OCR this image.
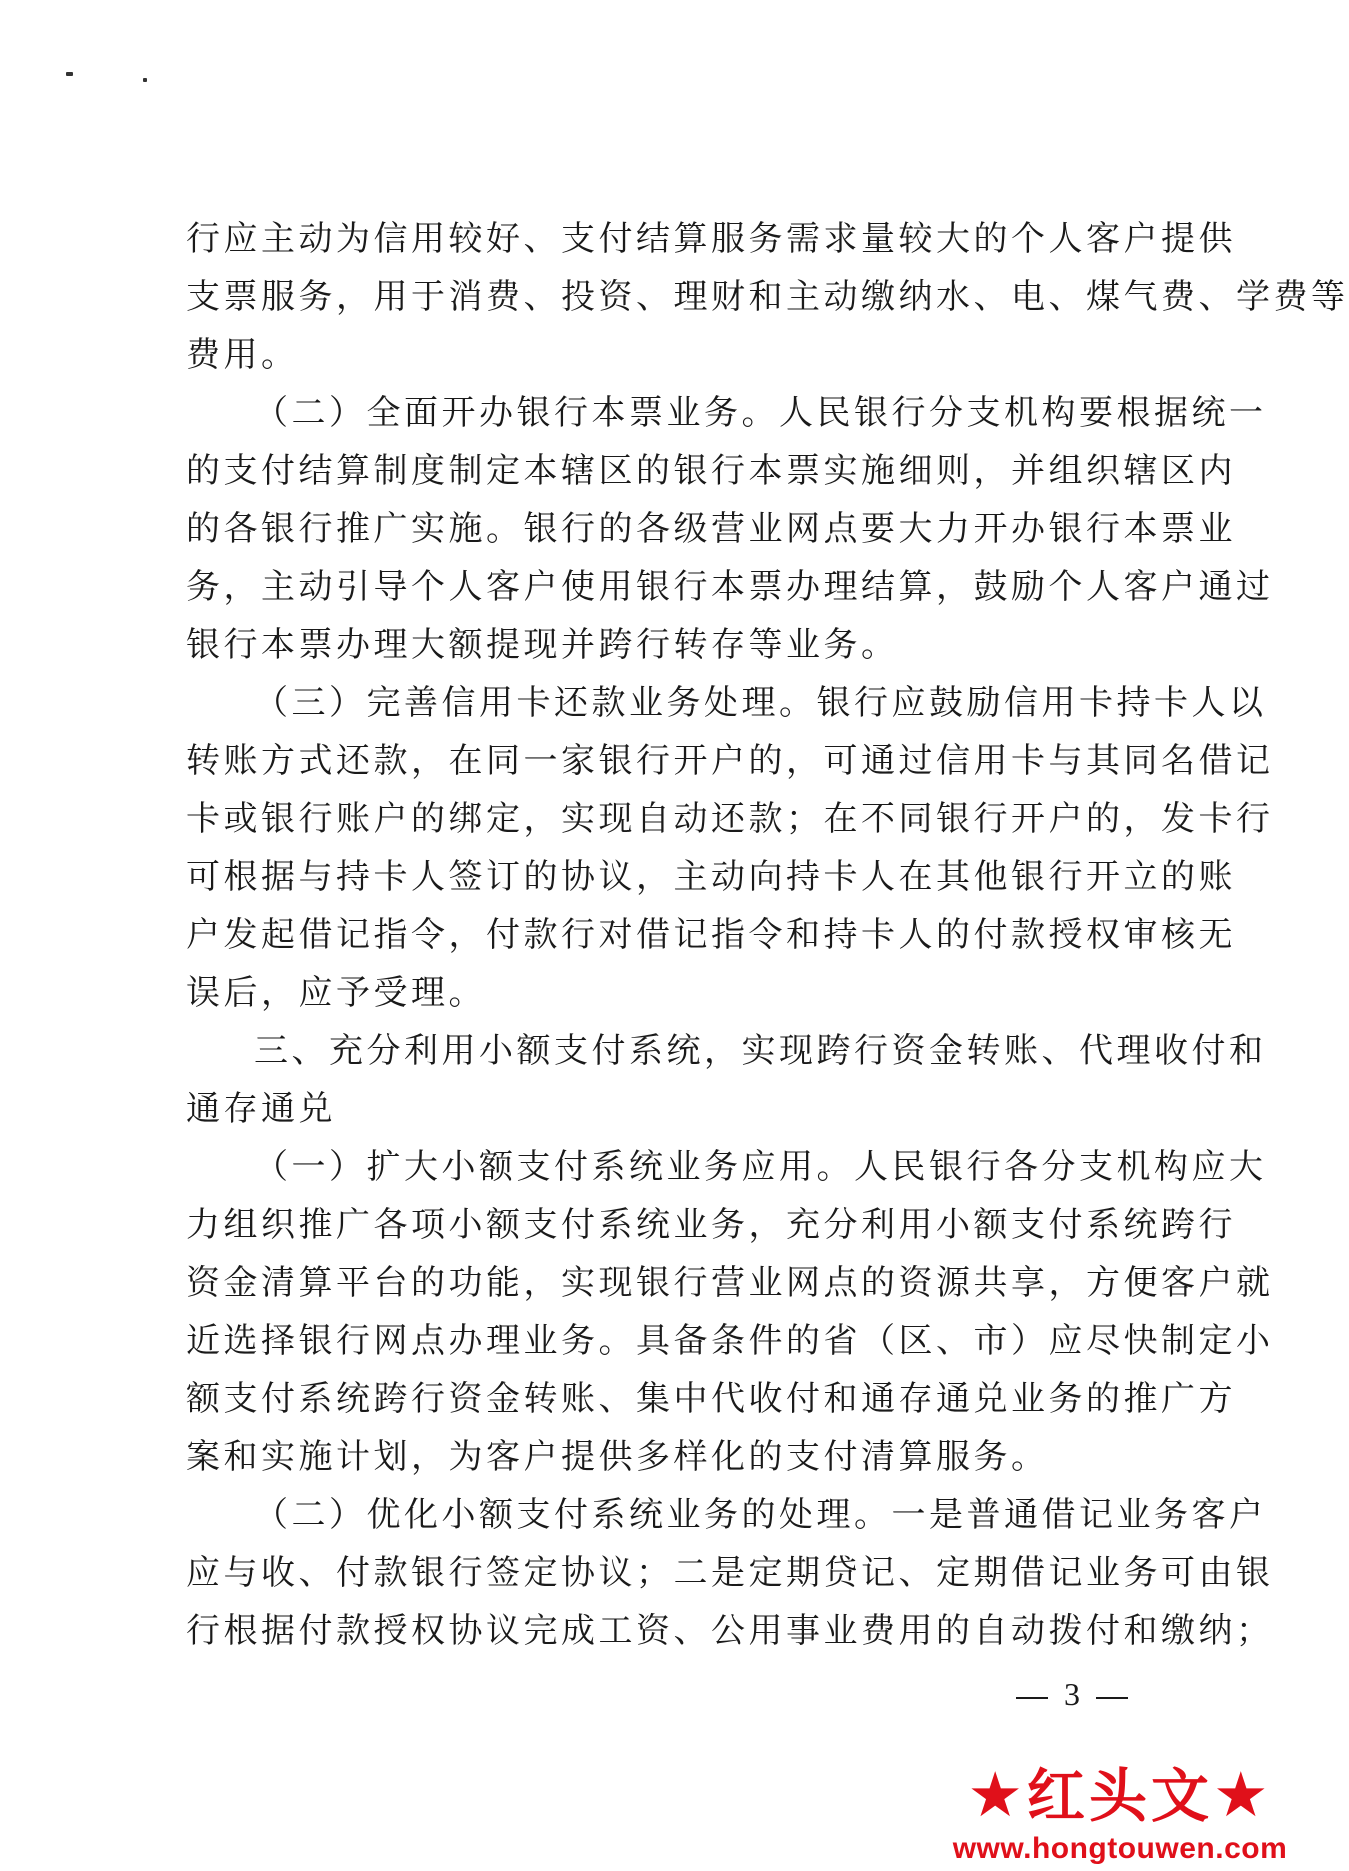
行应主动为信用较好、支付结算服务需求量较大的个人客户提供
支票服务，用于消费、投资、理财和主动缴纳水、电、煤气费、学费等
费用。
（二）全面开办银行本票业务。人民银行分支机构要根据统一
的支付结算制度制定本辖区的银行本票实施细则，并组织辖区内
的各银行推广实施。银行的各级营业网点要大力开办银行本票业
务，主动引导个人客户使用银行本票办理结算，鼓励个人客户通过
银行本票办理大额提现并跨行转存等业务。
（三）完善信用卡还款业务处理。银行应鼓励信用卡持卡人以
转账方式还款，在同一家银行开户的，可通过信用卡与其同名借记
卡或银行账户的绑定，实现自动还款；在不同银行开户的，发卡行
可根据与持卡人签订的协议，主动向持卡人在其他银行开立的账
户发起借记指令，付款行对借记指令和持卡人的付款授权审核无
误后，应予受理。
三、充分利用小额支付系统，实现跨行资金转账、代理收付和
通存通兑
（一）扩大小额支付系统业务应用。人民银行各分支机构应大
力组织推广各项小额支付系统业务，充分利用小额支付系统跨行
资金清算平台的功能，实现银行营业网点的资源共享，方便客户就
近选择银行网点办理业务。具备条件的省（区、市）应尽快制定小
额支付系统跨行资金转账、集中代收付和通存通兑业务的推广方
案和实施计划，为客户提供多样化的支付清算服务。
（二）优化小额支付系统业务的处理。一是普通借记业务客户
应与收、付款银行签定协议；二是定期贷记、定期借记业务可由银
行根据付款授权协议完成工资、公用事业费用的自动拨付和缴纳；
3
★红头文★
www.hongtouwen.com
